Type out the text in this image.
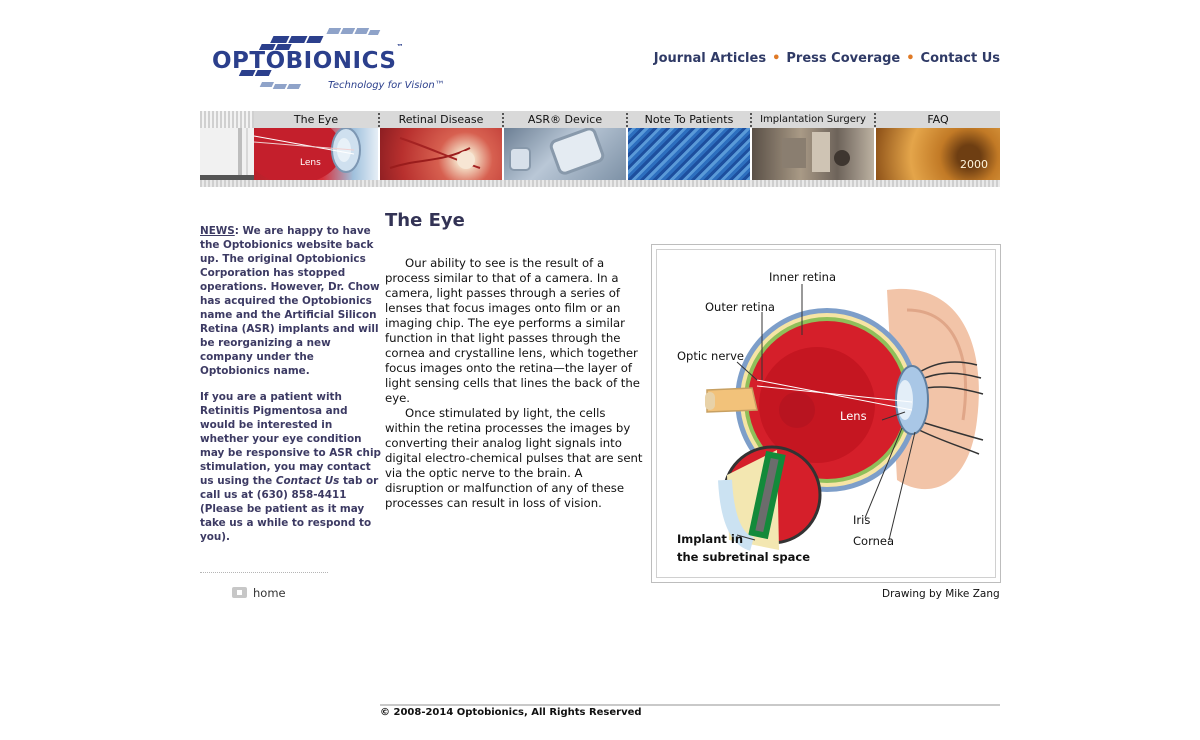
OPTOBIONICS™
Technology for Vision™
Journal Articles • Press Coverage • Contact Us
The Eye	Retinal Disease	ASR® Device	Note To Patients	Implantation Surgery	FAQ
Lens	2000

NEWS: We are happy to have the Optobionics website back up. The original Optobionics Corporation has stopped operations. However, Dr. Chow has acquired the Optobionics name and the Artificial Silicon Retina (ASR) implants and will be reorganizing a new company under the Optobionics name.

If you are a patient with Retinitis Pigmentosa and would be interested in whether your eye condition may be responsive to ASR chip stimulation, you may contact us using the Contact Us tab or call us at (630) 858-4411 (Please be patient as it may take us a while to respond to you).

home
The Eye

Our ability to see is the result of a process similar to that of a camera. In a camera, light passes through a series of lenses that focus images onto film or an imaging chip. The eye performs a similar function in that light passes through the cornea and crystalline lens, which together focus images onto the retina—the layer of light sensing cells that lines the back of the eye.

Once stimulated by light, the cells within the retina processes the images by converting their analog light signals into digital electro-chemical pulses that are sent via the optic nerve to the brain. A disruption or malfunction of any of these processes can result in loss of vision.

Inner retina
Outer retina
Optic nerve
Lens
Iris
Cornea
Implant in
the subretinal space
Drawing by Mike Zang
© 2008-2014 Optobionics, All Rights Reserved
